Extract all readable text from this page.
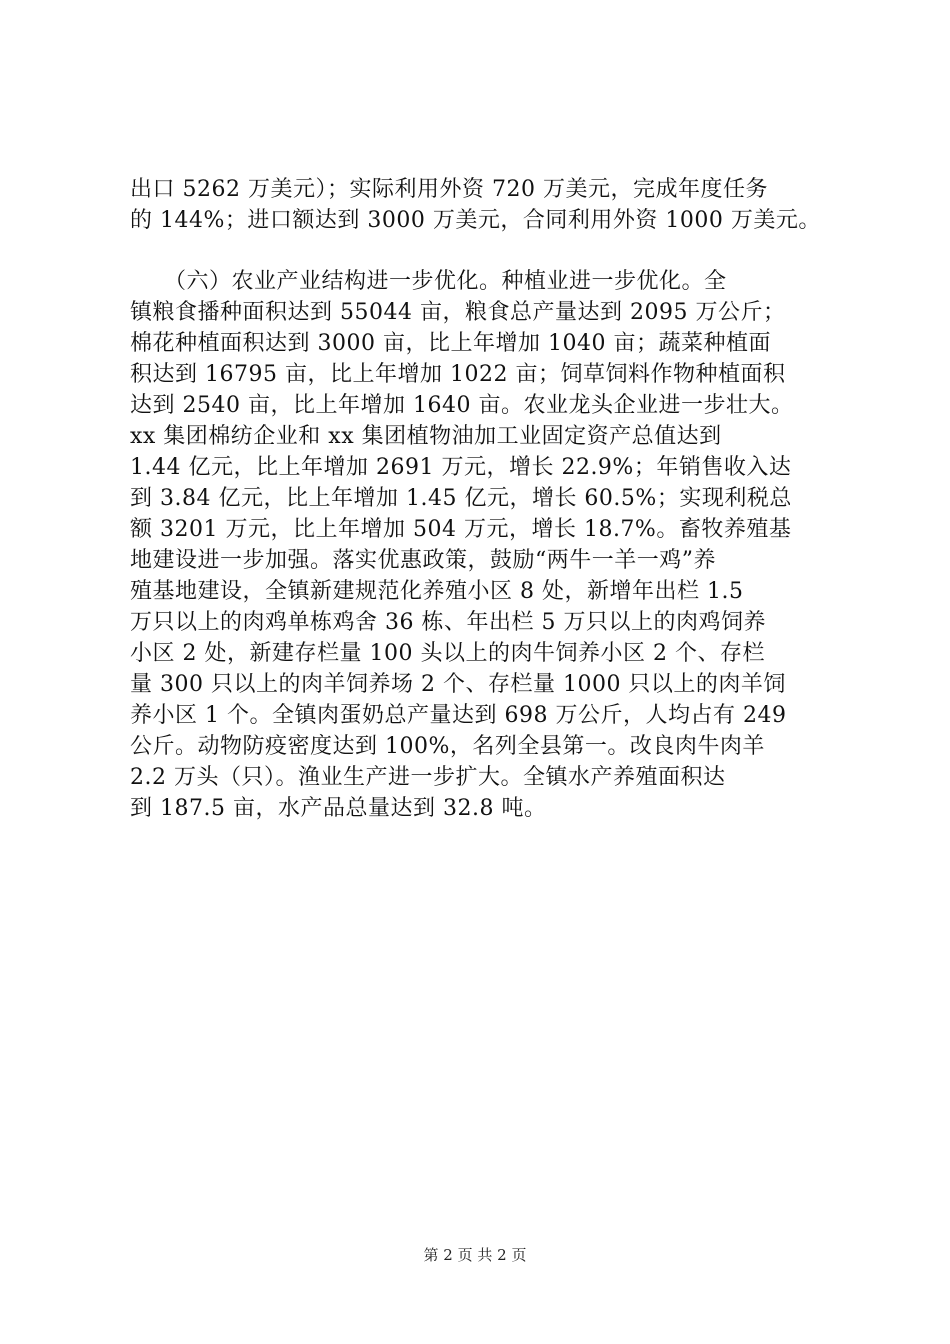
出口 5262 万美元）；实际利用外资 720 万美元，完成年度任务
的 144%；进口额达到 3000 万美元，合同利用外资 1000 万美元。
　　（六）农业产业结构进一步优化。种植业进一步优化。全
镇粮食播种面积达到 55044 亩，粮食总产量达到 2095 万公斤；
棉花种植面积达到 3000 亩，比上年增加 1040 亩；蔬菜种植面
积达到 16795 亩，比上年增加 1022 亩；饲草饲料作物种植面积
达到 2540 亩，比上年增加 1640 亩。农业龙头企业进一步壮大。
xx 集团棉纺企业和 xx 集团植物油加工业固定资产总值达到
1.44 亿元，比上年增加 2691 万元，增长 22.9%；年销售收入达
到 3.84 亿元，比上年增加 1.45 亿元，增长 60.5%；实现利税总
额 3201 万元，比上年增加 504 万元，增长 18.7%。畜牧养殖基
地建设进一步加强。落实优惠政策，鼓励“两牛一羊一鸡”养
殖基地建设，全镇新建规范化养殖小区 8 处，新增年出栏 1.5
万只以上的肉鸡单栋鸡舍 36 栋、年出栏 5 万只以上的肉鸡饲养
小区 2 处，新建存栏量 100 头以上的肉牛饲养小区 2 个、存栏
量 300 只以上的肉羊饲养场 2 个、存栏量 1000 只以上的肉羊饲
养小区 1 个。全镇肉蛋奶总产量达到 698 万公斤，人均占有 249
公斤。动物防疫密度达到 100%，名列全县第一。改良肉牛肉羊
2.2 万头（只）。渔业生产进一步扩大。全镇水产养殖面积达
到 187.5 亩，水产品总量达到 32.8 吨。
第 2 页 共 2 页
